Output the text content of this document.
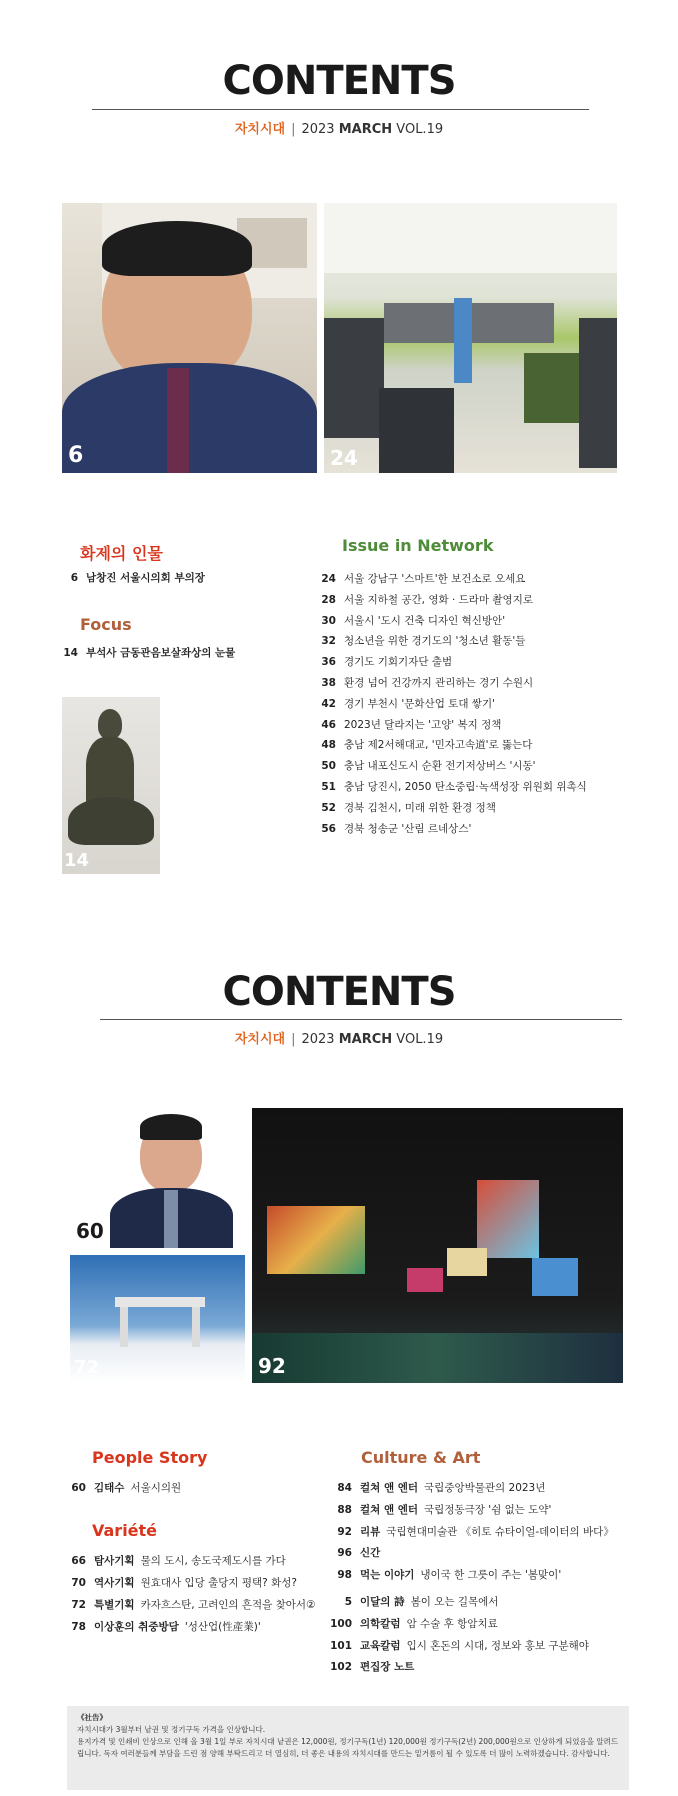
CONTENTS
자치시대 | 2023 MARCH VOL.19
6	24
화제의 인물
6 남창진 서울시의회 부의장
Focus
14 부석사 금동관음보살좌상의 눈물
14
Issue in Network
24 서울 강남구 '스마트'한 보건소로 오세요
28 서울 지하철 공간, 영화 · 드라마 촬영지로
30 서울시 '도시 건축 디자인 혁신방안'
32 청소년을 위한 경기도의 '청소년 활동'들
36 경기도 기회기자단 출범
38 환경 넘어 건강까지 관리하는 경기 수원시
42 경기 부천시 '문화산업 토대 쌓기'
46 2023년 달라지는 '고양' 복지 정책
48 충남 제2서해대교, '민자고속道'로 뚫는다
50 충남 내포신도시 순환 전기저상버스 '시동'
51 충남 당진시, 2050 탄소중립·녹색성장 위원회 위촉식
52 경북 김천시, 미래 위한 환경 정책
56 경북 청송군 '산림 르네상스'
CONTENTS
자치시대 | 2023 MARCH VOL.19
60
72	92
People Story
60 김태수 서울시의원
Variété
66 탐사기획 물의 도시, 송도국제도시를 가다
70 역사기획 원효대사 입당 출당지 평택? 화성?
72 특별기획 카자흐스탄, 고려인의 흔적을 찾아서②
78 이상훈의 취중방담 '성산업(性產業)'
Culture & Art
84 컬쳐 앤 엔터 국립중앙박물관의 2023년
88 컬쳐 앤 엔터 국립정동극장 '쉼 없는 도약'
92 리뷰 국립현대미술관 《히토 슈타이얼-데이터의 바다》
96 신간
98 먹는 이야기 냉이국 한 그릇이 주는 '봄맞이'
5 이달의 詩 봄이 오는 길목에서
100 의학칼럼 암 수술 후 항암치료
101 교육칼럼 입시 혼돈의 시대, 정보와 홍보 구분해야
102 편집장 노트
《社告》
자치시대가 3월부터 낱권 및 정기구독 가격을 인상합니다.
용지가격 및 인쇄비 인상으로 인해 올 3월 1일 부로 자치시대 낱권은 12,000원, 정기구독(1년) 120,000원 정기구독(2년) 200,000원으로 인상하게 되었음을 알려드립니다. 독자 여러분들께 부담을 드린 점 양해 부탁드리고 더 열심히, 더 좋은 내용의 자치시대를 만드는 밑거름이 될 수 있도록 더 많이 노력하겠습니다. 감사합니다.
